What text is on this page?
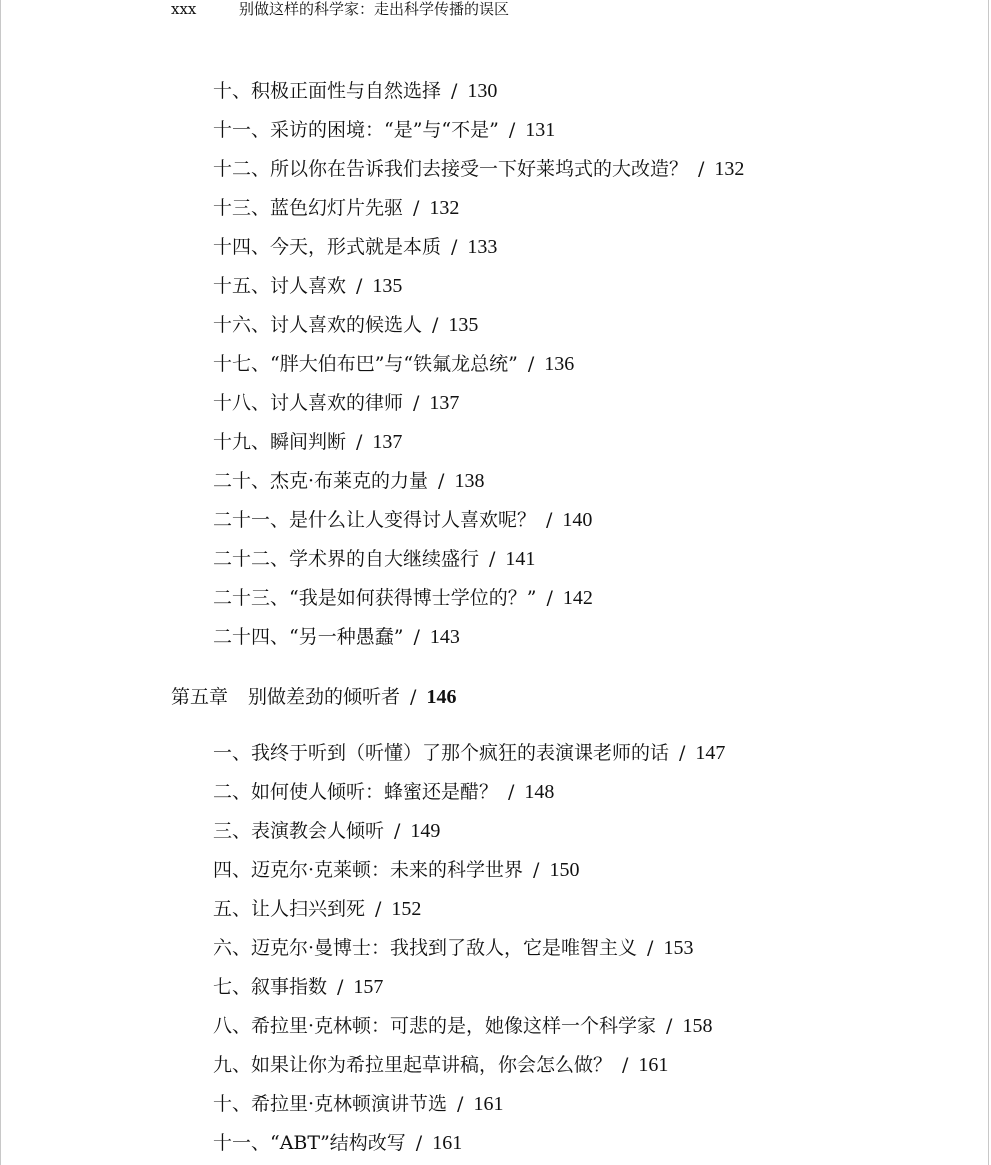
xxx	别做这样的科学家：走出科学传播的误区
十、积极正面性与自然选择 / 130
十一、采访的困境：“是”与“不是” / 131
十二、所以你在告诉我们去接受一下好莱坞式的大改造？ / 132
十三、蓝色幻灯片先驱 / 132
十四、今天，形式就是本质 / 133
十五、讨人喜欢 / 135
十六、讨人喜欢的候选人 / 135
十七、“胖大伯布巴”与“铁氟龙总统” / 136
十八、讨人喜欢的律师 / 137
十九、瞬间判断 / 137
二十、杰克·布莱克的力量 / 138
二十一、是什么让人变得讨人喜欢呢？ / 140
二十二、学术界的自大继续盛行 / 141
二十三、“我是如何获得博士学位的？” / 142
二十四、“另一种愚蠢” / 143
第五章 别做差劲的倾听者 / 146
一、我终于听到（听懂）了那个疯狂的表演课老师的话 / 147
二、如何使人倾听：蜂蜜还是醋？ / 148
三、表演教会人倾听 / 149
四、迈克尔·克莱顿：未来的科学世界 / 150
五、让人扫兴到死 / 152
六、迈克尔·曼博士：我找到了敌人，它是唯智主义 / 153
七、叙事指数 / 157
八、希拉里·克林顿：可悲的是，她像这样一个科学家 / 158
九、如果让你为希拉里起草讲稿，你会怎么做？ / 161
十、希拉里·克林顿演讲节选 / 161
十一、“ABT”结构改写 / 161
